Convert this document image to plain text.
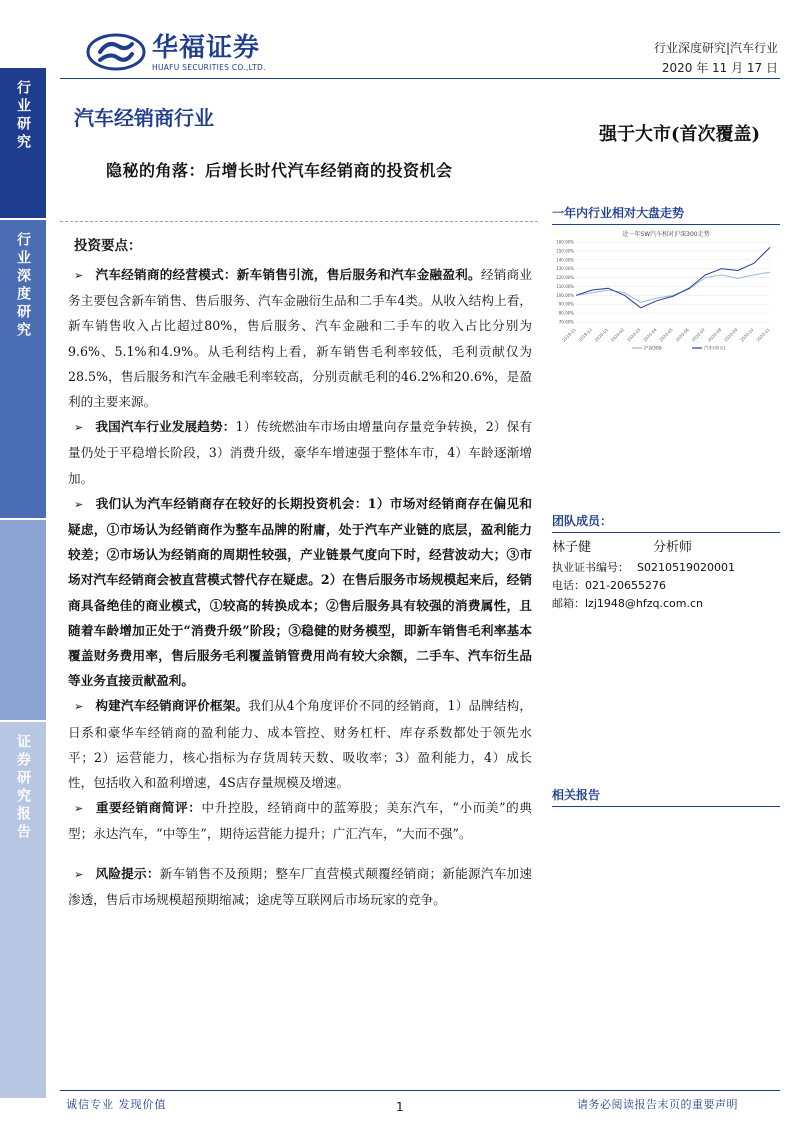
行业研究
行业深度研究
证券研究报告
华福证券
HUAFU SECURITIES CO.,LTD.
行业深度研究|汽车行业
2020 年 11 月 17 日
汽车经销商行业
强于大市(首次覆盖)
隐秘的角落：后增长时代汽车经销商的投资机会
投资要点：
➢ 汽车经销商的经营模式：新车销售引流，售后服务和汽车金融盈利。经销商业务主要包含新车销售、售后服务、汽车金融衍生品和二手车4类。从收入结构上看，新车销售收入占比超过80%，售后服务、汽车金融和二手车的收入占比分别为9.6%、5.1%和4.9%。从毛利结构上看，新车销售毛利率较低，毛利贡献仅为28.5%，售后服务和汽车金融毛利率较高，分别贡献毛利的46.2%和20.6%，是盈利的主要来源。
➢ 我国汽车行业发展趋势：1）传统燃油车市场由增量向存量竞争转换，2）保有量仍处于平稳增长阶段，3）消费升级，豪华车增速强于整体车市，4）车龄逐渐增加。
➢ 我们认为汽车经销商存在较好的长期投资机会：1）市场对经销商存在偏见和疑虑，①市场认为经销商作为整车品牌的附庸，处于汽车产业链的底层，盈利能力较差；②市场认为经销商的周期性较强，产业链景气度向下时，经营波动大；③市场对汽车经销商会被直营模式替代存在疑虑。2）在售后服务市场规模起来后，经销商具备绝佳的商业模式，①较高的转换成本；②售后服务具有较强的消费属性，且随着车龄增加正处于“消费升级”阶段；③稳健的财务模型，即新车销售毛利率基本覆盖财务费用率，售后服务毛利覆盖销管费用尚有较大余额，二手车、汽车衍生品等业务直接贡献盈利。
➢ 构建汽车经销商评价框架。我们从4个角度评价不同的经销商，1）品牌结构，日系和豪华车经销商的盈利能力、成本管控、财务杠杆、库存系数都处于领先水平；2）运营能力，核心指标为存货周转天数、吸收率；3）盈利能力，4）成长性，包括收入和盈利增速，4S店存量规模及增速。
➢ 重要经销商简评：中升控股，经销商中的蓝筹股；美东汽车，“小而美”的典型；永达汽车，“中等生”，期待运营能力提升；广汇汽车，“大而不强”。
➢ 风险提示：新车销售不及预期；整车厂直营模式颠覆经销商；新能源汽车加速渗透，售后市场规模超预期缩减；途虎等互联网后市场玩家的竞争。
一年内行业相对大盘走势
近一年SW汽车相对沪深300走势
160.00%
150.00%
140.00%
130.00%
120.00%
110.00%
100.00%
90.00%
80.00%
70.00%
2019-11 2019-12 2020-01 2020-02 2020-03 2020-04 2020-05 2020-06 2020-07 2020-08 2020-09 2020-10 2020-11
沪深300	汽车(申万)
团队成员：
林子健	分析师
执业证书编号： S0210519020001
电话：021-20655276
邮箱：lzj1948@hfzq.com.cn
相关报告
诚信专业 发现价值	1	请务必阅读报告末页的重要声明
